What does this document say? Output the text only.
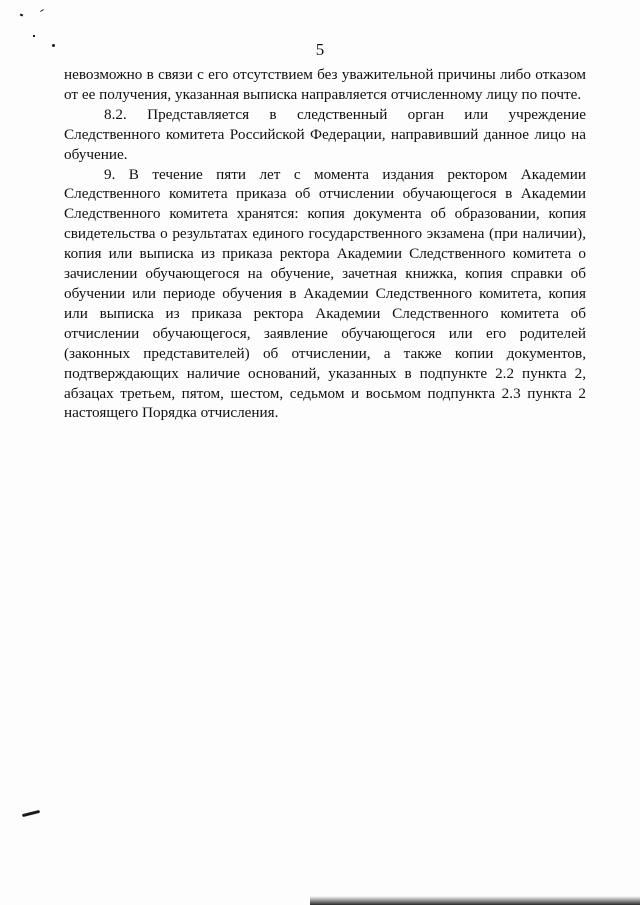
5

невозможно в связи с его отсутствием без уважительной причины либо отказом от ее получения, указанная выписка направляется отчисленному лицу по почте.

8.2. Представляется в следственный орган или учреждение Следственного комитета Российской Федерации, направивший данное лицо на обучение.

9. В течение пяти лет с момента издания ректором Академии Следственного комитета приказа об отчислении обучающегося в Академии Следственного комитета хранятся: копия документа об образовании, копия свидетельства о результатах единого государственного экзамена (при наличии), копия или выписка из приказа ректора Академии Следственного комитета о зачислении обучающегося на обучение, зачетная книжка, копия справки об обучении или периоде обучения в Академии Следственного комитета, копия или выписка из приказа ректора Академии Следственного комитета об отчислении обучающегося, заявление обучающегося или его родителей (законных представителей) об отчислении, а также копии документов, подтверждающих наличие оснований, указанных в подпункте 2.2 пункта 2, абзацах третьем, пятом, шестом, седьмом и восьмом подпункта 2.3 пункта 2 настоящего Порядка отчисления.
